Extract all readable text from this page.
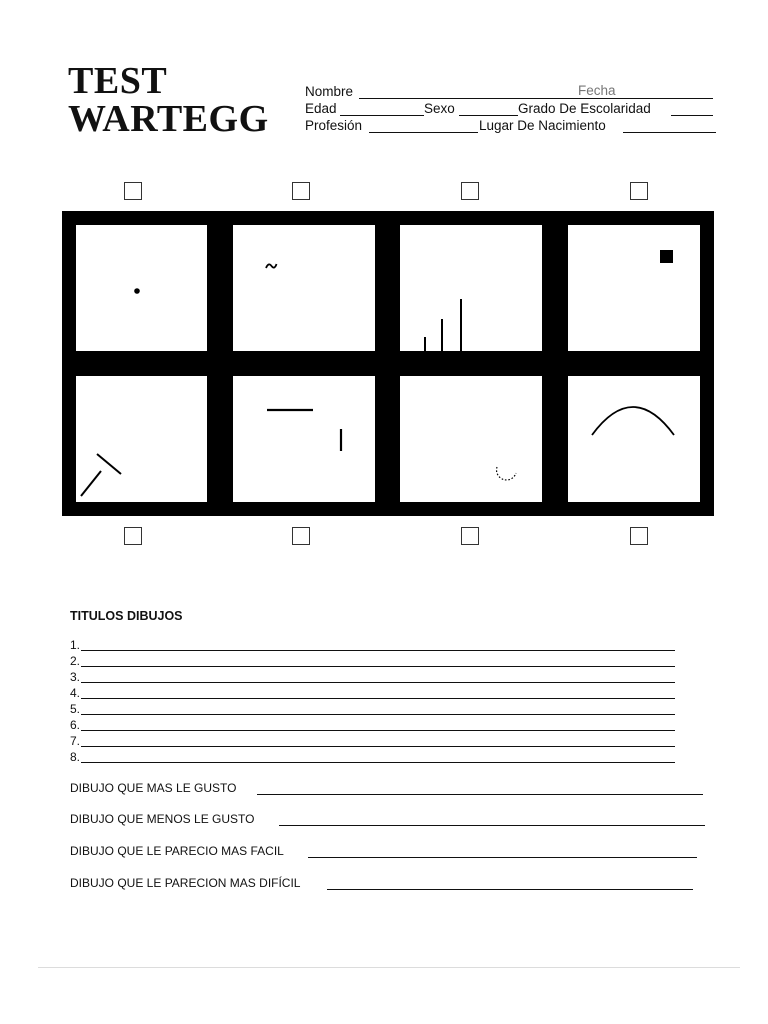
TEST
WARTEGG
Nombre	Fecha
Edad	Sexo	Grado De Escolaridad
Profesión	Lugar De Nacimiento
TITULOS DIBUJOS
1.
2.
3.
4.
5.
6.
7.
8.
DIBUJO QUE MAS LE GUSTO
DIBUJO QUE MENOS LE GUSTO
DIBUJO QUE LE PARECIO MAS FACIL
DIBUJO QUE LE PARECION MAS DIFÍCIL
